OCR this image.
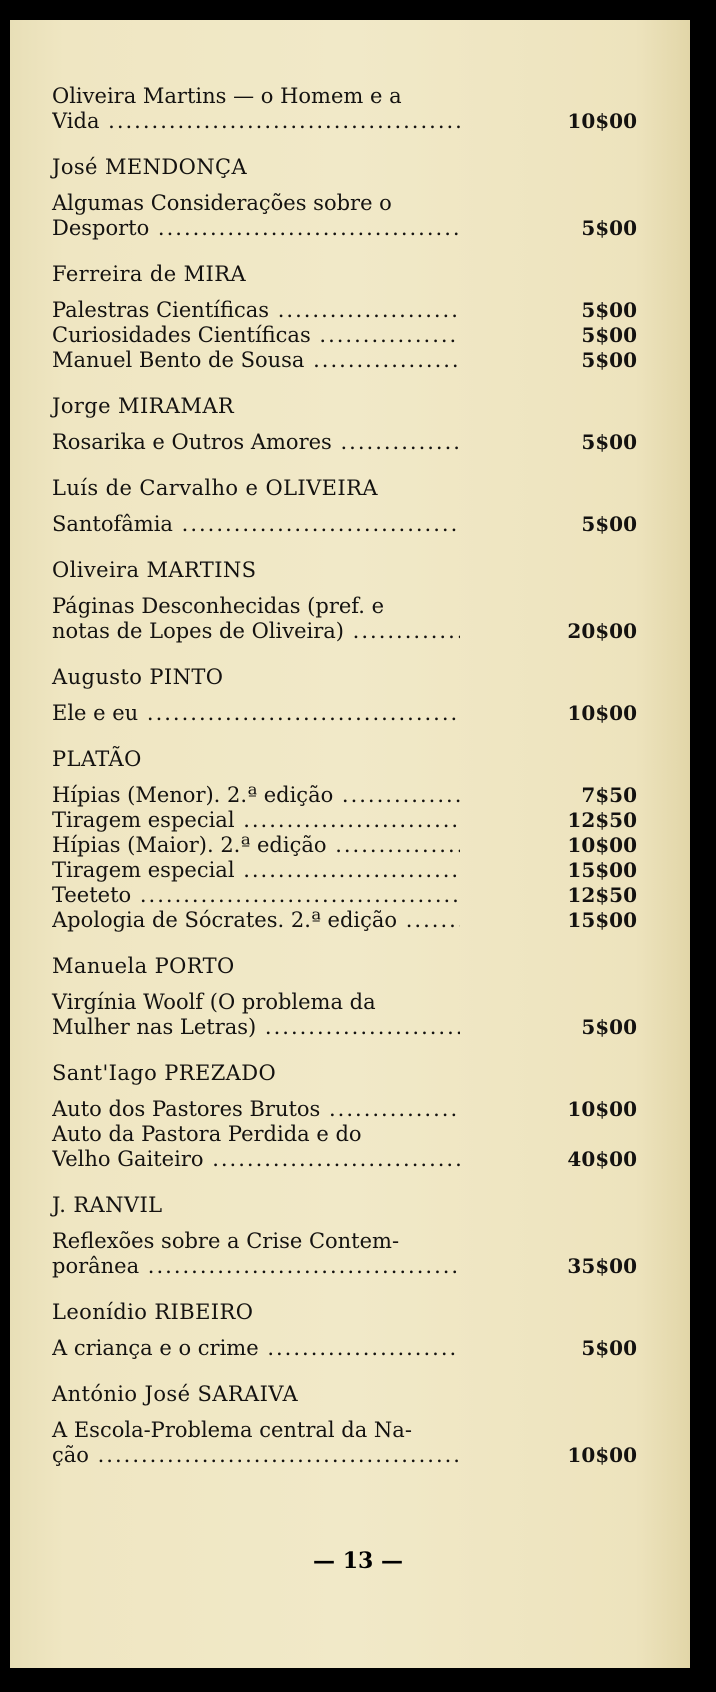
Oliveira Martins — o Homem e a
Vida .....	10$00
José MENDONÇA
Algumas Considerações sobre o
Desporto .....	5$00
Ferreira de MIRA
Palestras Científicas .....	5$00
Curiosidades Científicas .....	5$00
Manuel Bento de Sousa .....	5$00
Jorge MIRAMAR
Rosarika e Outros Amores .....	5$00
Luís de Carvalho e OLIVEIRA
Santofâmia .....	5$00
Oliveira MARTINS
Páginas Desconhecidas (pref. e
notas de Lopes de Oliveira) .....	20$00
Augusto PINTO
Ele e eu .....	10$00
PLATÃO
Hípias (Menor). 2.ª edição .....	7$50
Tiragem especial .....	12$50
Hípias (Maior). 2.ª edição .....	10$00
Tiragem especial .....	15$00
Teeteto .....	12$50
Apologia de Sócrates. 2.ª edição .....	15$00
Manuela PORTO
Virgínia Woolf (O problema da
Mulher nas Letras) .....	5$00
Sant'Iago PREZADO
Auto dos Pastores Brutos .....	10$00
Auto da Pastora Perdida e do
Velho Gaiteiro .....	40$00
J. RANVIL
Reflexões sobre a Crise Contem-
porânea .....	35$00
Leonídio RIBEIRO
A criança e o crime .....	5$00
António José SARAIVA
A Escola-Problema central da Na-
ção .....	10$00
— 13 —
